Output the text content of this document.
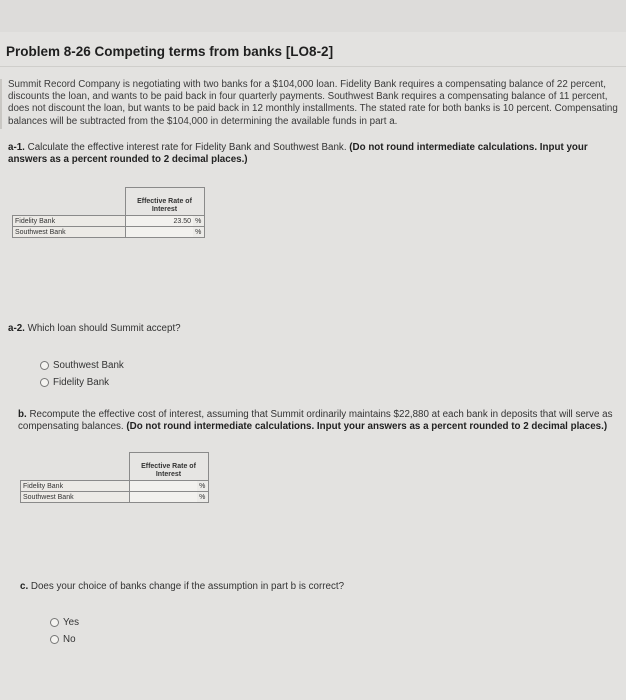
Problem 8-26 Competing terms from banks [LO8-2]
Summit Record Company is negotiating with two banks for a $104,000 loan. Fidelity Bank requires a compensating balance of 22 percent, discounts the loan, and wants to be paid back in four quarterly payments. Southwest Bank requires a compensating balance of 11 percent, does not discount the loan, but wants to be paid back in 12 monthly installments. The stated rate for both banks is 10 percent. Compensating balances will be subtracted from the $104,000 in determining the available funds in part a.
a-1. Calculate the effective interest rate for Fidelity Bank and Southwest Bank. (Do not round intermediate calculations. Input your answers as a percent rounded to 2 decimal places.)
	Effective Rate of Interest	
Fidelity Bank	23.50	%
Southwest Bank		%
a-2. Which loan should Summit accept?
Southwest Bank
Fidelity Bank
b. Recompute the effective cost of interest, assuming that Summit ordinarily maintains $22,880 at each bank in deposits that will serve as compensating balances. (Do not round intermediate calculations. Input your answers as a percent rounded to 2 decimal places.)
	Effective Rate of Interest	
Fidelity Bank		%
Southwest Bank		%
c. Does your choice of banks change if the assumption in part b is correct?
Yes
No
